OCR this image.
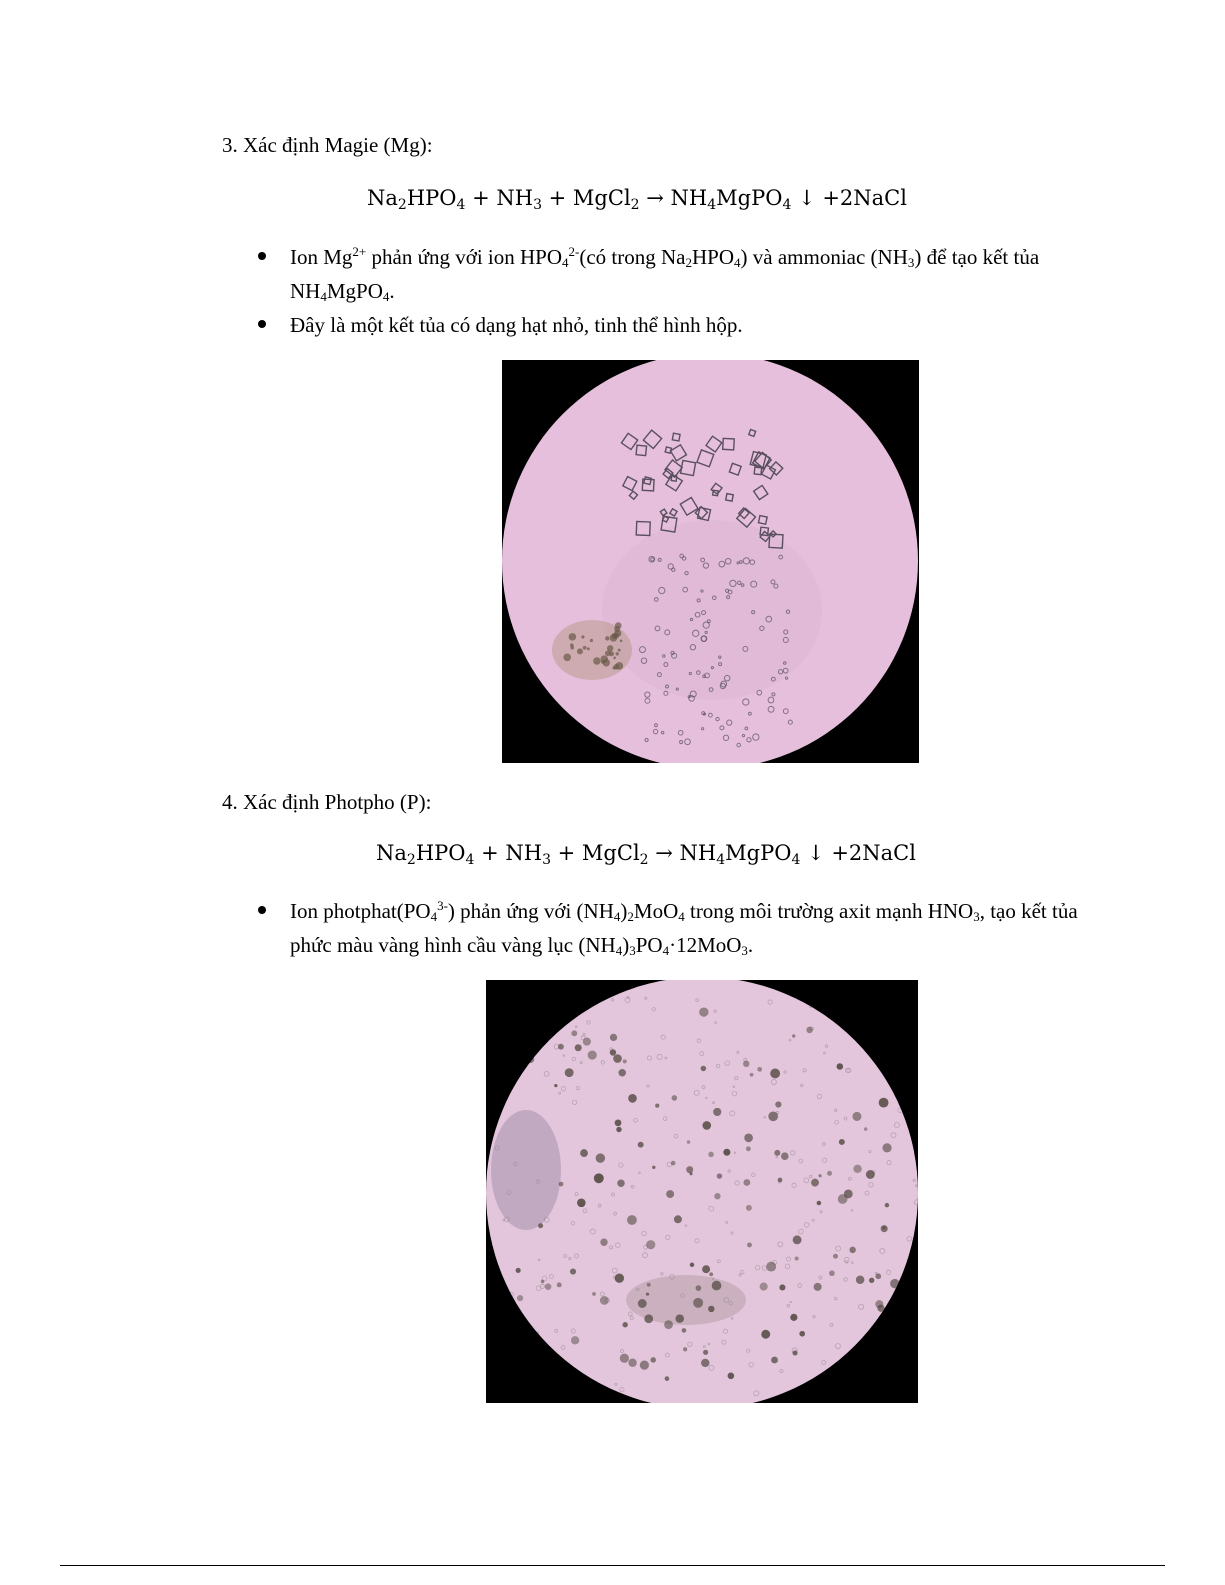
3. Xác định Magie (Mg):
$Na_2HPO_4 + NH_3$ + MgCl$_2$ → $NH_4MgPO_4$ ↓ +2NaCl
Ion $Mg^{2+}$ phản ứng với ion $HPO_4^{2-}(có$ trong $Na_2HPO_4$) và ammoniac $(NH_3)$ để tạo kết tủa $NH_4MgPO_4$.
Đây là một kết tủa có dạng hạt nhỏ, tinh thể hình hộp.
4. Xác định Photpho (P):
$Na_2HPO_4 + NH_3$ + MgCl$_2$ → $NH_4MgPO_4$ ↓ +2NaCl
Ion $photphat(PO_4^{3-})$ phản ứng với $(NH_4)_2MoO_4$ trong môi trường axit mạnh $HNO_3$, tạo kết tủa phức màu vàng hình cầu vàng lục $(NH_4)_3PO_4\cdot 12MoO_3$.
